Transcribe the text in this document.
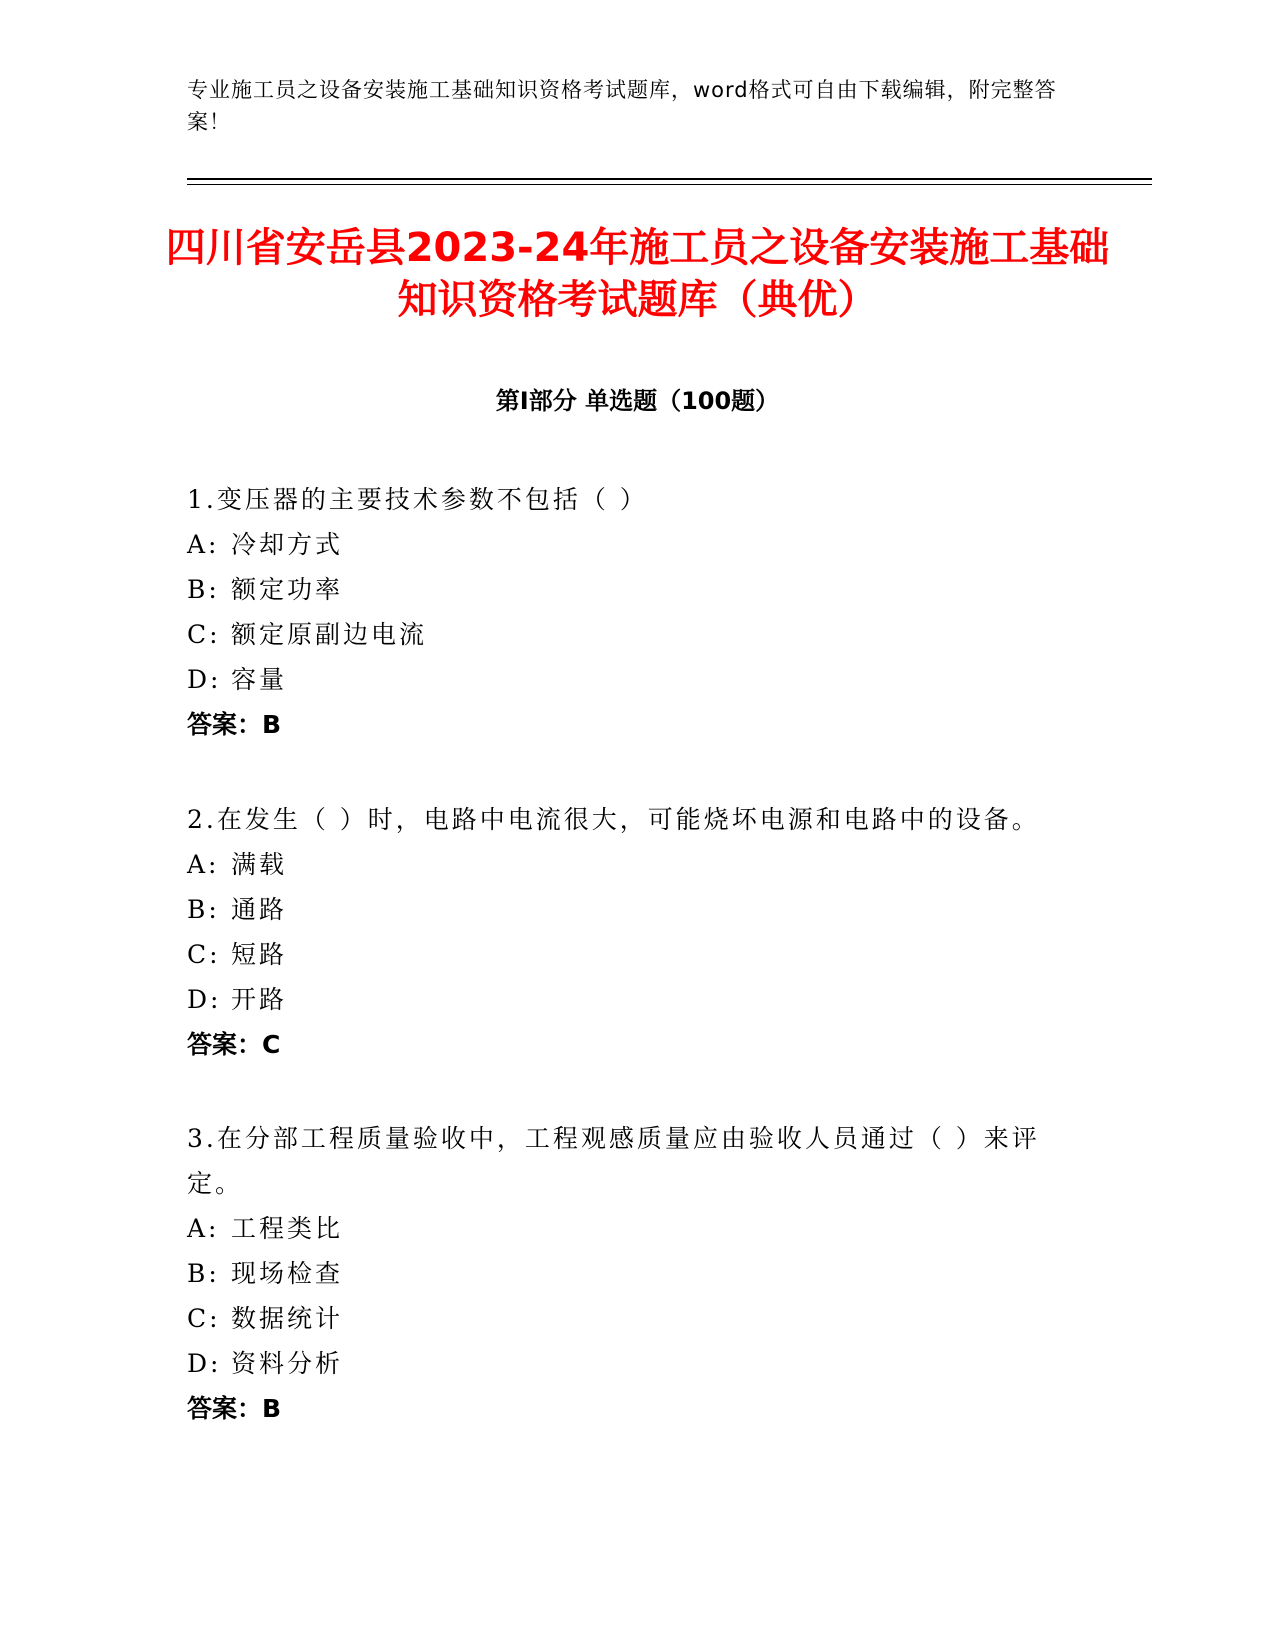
专业施工员之设备安装施工基础知识资格考试题库，word格式可自由下载编辑，附完整答案！
四川省安岳县2023-24年施工员之设备安装施工基础知识资格考试题库（典优）
第I部分 单选题（100题）
1.变压器的主要技术参数不包括（ ）
A: 冷却方式
B: 额定功率
C: 额定原副边电流
D: 容量
答案：B
2.在发生（ ）时，电路中电流很大，可能烧坏电源和电路中的设备。
A: 满载
B: 通路
C: 短路
D: 开路
答案：C
3.在分部工程质量验收中，工程观感质量应由验收人员通过（ ）来评定。
A: 工程类比
B: 现场检查
C: 数据统计
D: 资料分析
答案：B
